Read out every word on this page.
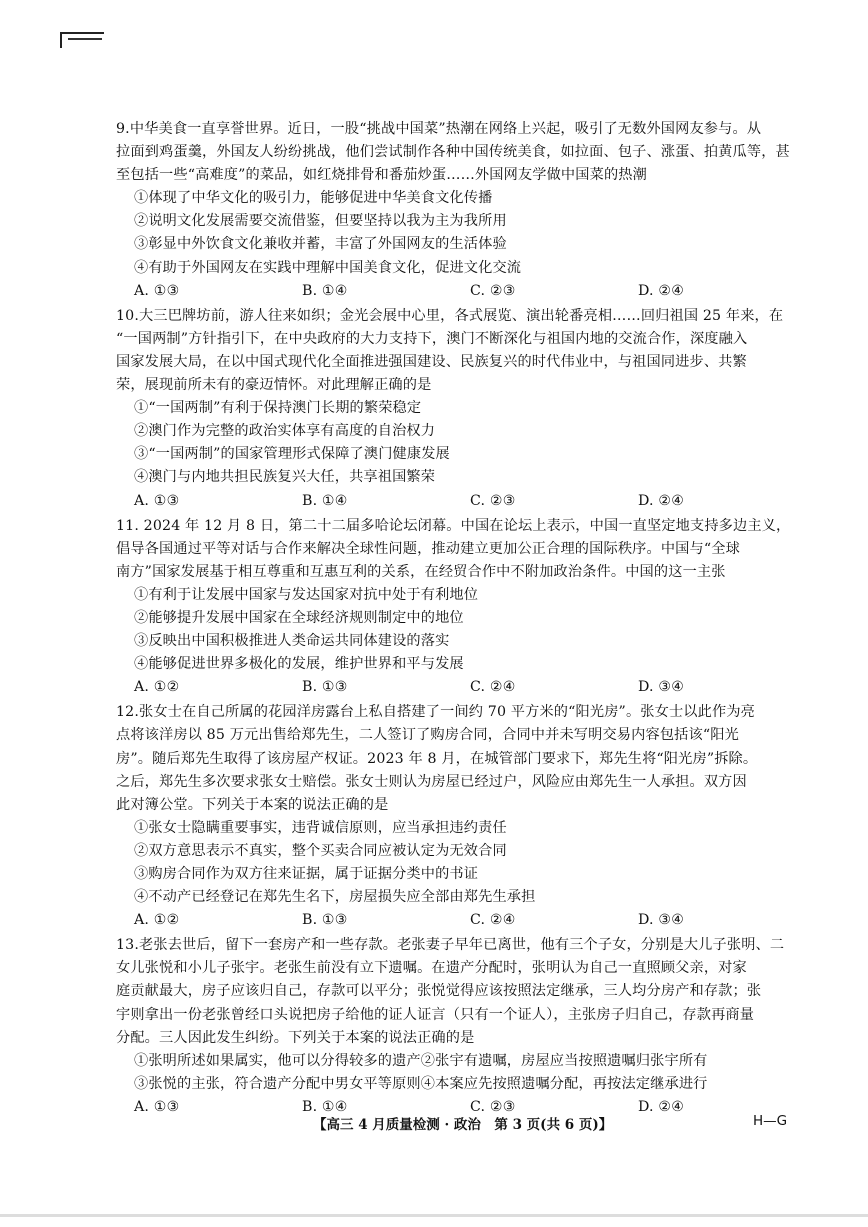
9.中华美食一直享誉世界。近日，一股“挑战中国菜”热潮在网络上兴起，吸引了无数外国网友参与。从
拉面到鸡蛋羹，外国友人纷纷挑战，他们尝试制作各种中国传统美食，如拉面、包子、涨蛋、拍黄瓜等，甚
至包括一些“高难度”的菜品，如红烧排骨和番茄炒蛋……外国网友学做中国菜的热潮
①体现了中华文化的吸引力，能够促进中华美食文化传播
②说明文化发展需要交流借鉴，但要坚持以我为主为我所用
③彰显中外饮食文化兼收并蓄，丰富了外国网友的生活体验
④有助于外国网友在实践中理解中国美食文化，促进文化交流
A. ①③	B. ①④	C. ②③	D. ②④
10.大三巴牌坊前，游人往来如织；金光会展中心里，各式展览、演出轮番亮相……回归祖国 25 年来，在
“一国两制”方针指引下，在中央政府的大力支持下，澳门不断深化与祖国内地的交流合作，深度融入
国家发展大局，在以中国式现代化全面推进强国建设、民族复兴的时代伟业中，与祖国同进步、共繁
荣，展现前所未有的豪迈情怀。对此理解正确的是
①“一国两制”有利于保持澳门长期的繁荣稳定
②澳门作为完整的政治实体享有高度的自治权力
③“一国两制”的国家管理形式保障了澳门健康发展
④澳门与内地共担民族复兴大任，共享祖国繁荣
A. ①③	B. ①④	C. ②③	D. ②④
11. 2024 年 12 月 8 日，第二十二届多哈论坛闭幕。中国在论坛上表示，中国一直坚定地支持多边主义，
倡导各国通过平等对话与合作来解决全球性问题，推动建立更加公正合理的国际秩序。中国与“全球
南方”国家发展基于相互尊重和互惠互利的关系，在经贸合作中不附加政治条件。中国的这一主张
①有利于让发展中国家与发达国家对抗中处于有利地位
②能够提升发展中国家在全球经济规则制定中的地位
③反映出中国积极推进人类命运共同体建设的落实
④能够促进世界多极化的发展，维护世界和平与发展
A. ①②	B. ①③	C. ②④	D. ③④
12.张女士在自己所属的花园洋房露台上私自搭建了一间约 70 平方米的“阳光房”。张女士以此作为亮
点将该洋房以 85 万元出售给郑先生，二人签订了购房合同，合同中并未写明交易内容包括该“阳光
房”。随后郑先生取得了该房屋产权证。2023 年 8 月，在城管部门要求下，郑先生将“阳光房”拆除。
之后，郑先生多次要求张女士赔偿。张女士则认为房屋已经过户，风险应由郑先生一人承担。双方因
此对簿公堂。下列关于本案的说法正确的是
①张女士隐瞒重要事实，违背诚信原则，应当承担违约责任
②双方意思表示不真实，整个买卖合同应被认定为无效合同
③购房合同作为双方往来证据，属于证据分类中的书证
④不动产已经登记在郑先生名下，房屋损失应全部由郑先生承担
A. ①②	B. ①③	C. ②④	D. ③④
13.老张去世后，留下一套房产和一些存款。老张妻子早年已离世，他有三个子女，分别是大儿子张明、二
女儿张悦和小儿子张宇。老张生前没有立下遗嘱。在遗产分配时，张明认为自己一直照顾父亲，对家
庭贡献最大，房子应该归自己，存款可以平分；张悦觉得应该按照法定继承，三人均分房产和存款；张
宇则拿出一份老张曾经口头说把房子给他的证人证言（只有一个证人），主张房子归自己，存款再商量
分配。三人因此发生纠纷。下列关于本案的说法正确的是
①张明所述如果属实，他可以分得较多的遗产②张宇有遗嘱，房屋应当按照遗嘱归张宇所有
③张悦的主张，符合遗产分配中男女平等原则④本案应先按照遗嘱分配，再按法定继承进行
A. ①③	B. ①④	C. ②③	D. ②④
【高三 4 月质量检测 · 政治　第 3 页(共 6 页)】	H—G
